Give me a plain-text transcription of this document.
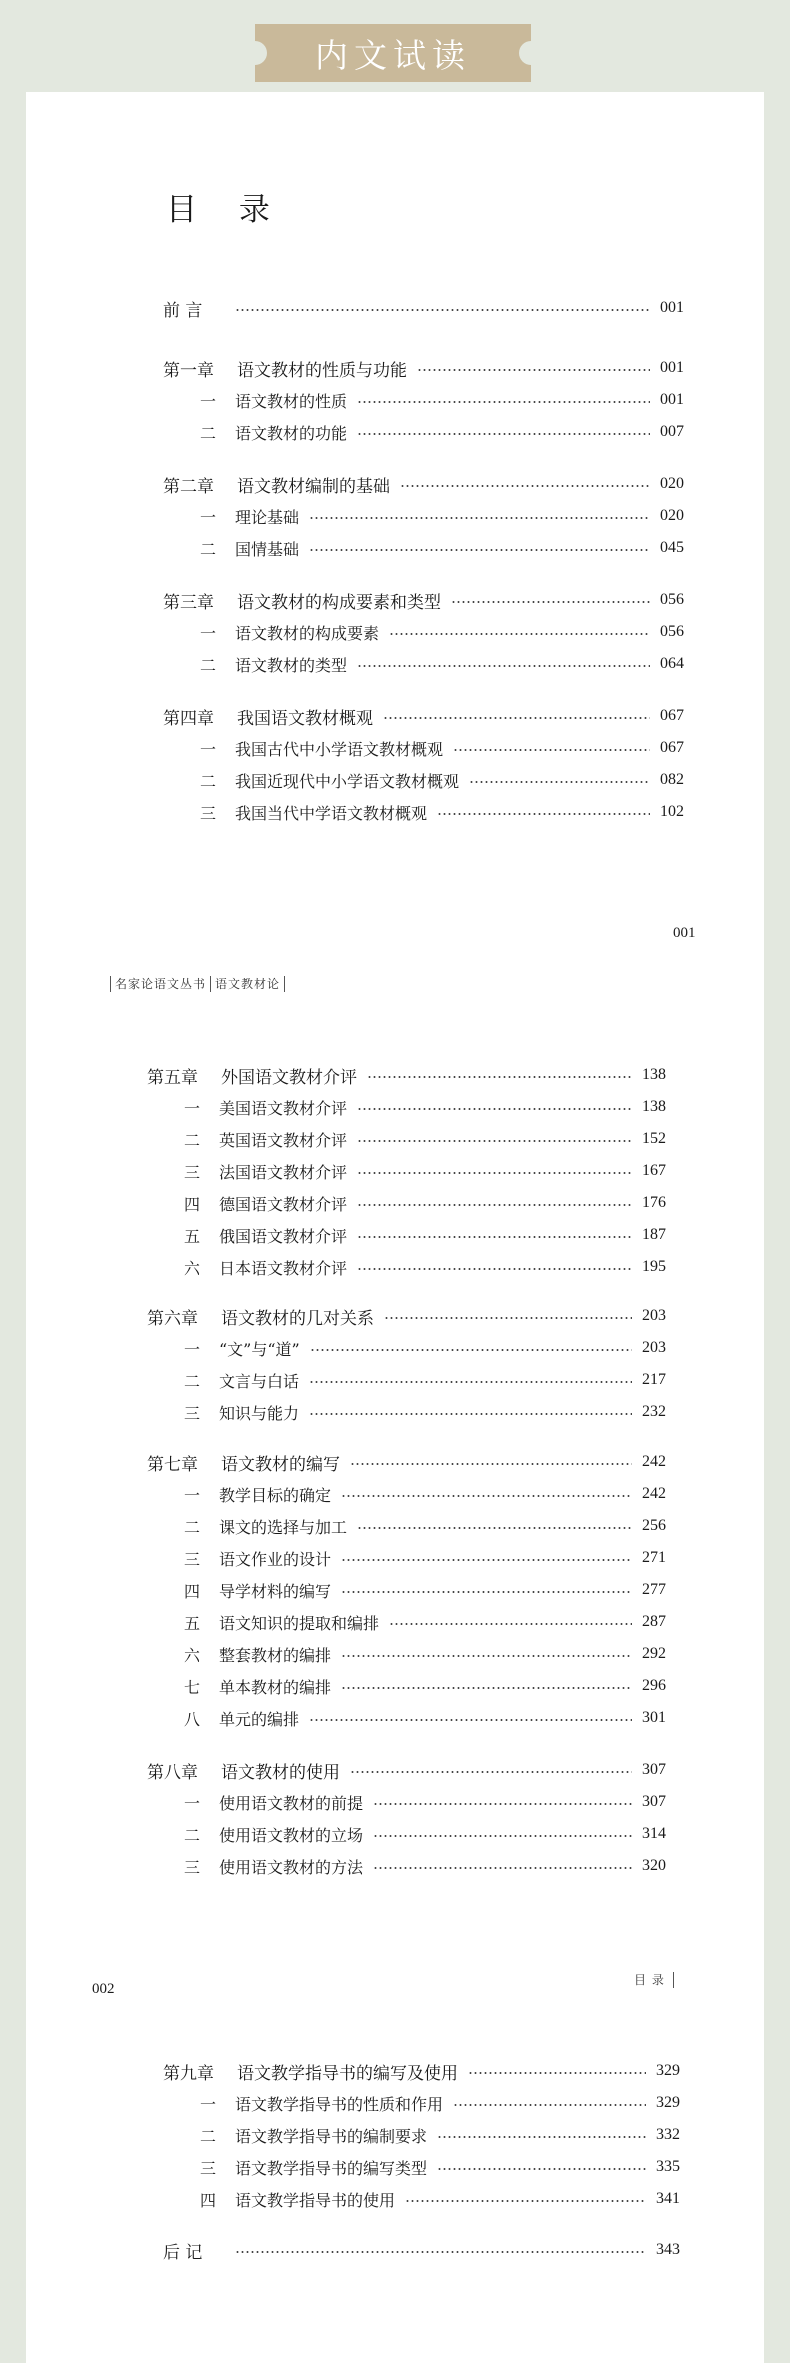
内文试读
目 录
前 言	001
第一章	语文教材的性质与功能	001
一	语文教材的性质	001
二	语文教材的功能	007
第二章	语文教材编制的基础	020
一	理论基础	020
二	国情基础	045
第三章	语文教材的构成要素和类型	056
一	语文教材的构成要素	056
二	语文教材的类型	064
第四章	我国语文教材概观	067
一	我国古代中小学语文教材概观	067
二	我国近现代中小学语文教材概观	082
三	我国当代中学语文教材概观	102
第五章	外国语文教材介评	138
一	美国语文教材介评	138
二	英国语文教材介评	152
三	法国语文教材介评	167
四	德国语文教材介评	176
五	俄国语文教材介评	187
六	日本语文教材介评	195
第六章	语文教材的几对关系	203
一	“文”与“道”	203
二	文言与白话	217
三	知识与能力	232
第七章	语文教材的编写	242
一	教学目标的确定	242
二	课文的选择与加工	256
三	语文作业的设计	271
四	导学材料的编写	277
五	语文知识的提取和编排	287
六	整套教材的编排	292
七	单本教材的编排	296
八	单元的编排	301
第八章	语文教材的使用	307
一	使用语文教材的前提	307
二	使用语文教材的立场	314
三	使用语文教材的方法	320
第九章	语文教学指导书的编写及使用	329
一	语文教学指导书的性质和作用	329
二	语文教学指导书的编制要求	332
三	语文教学指导书的编写类型	335
四	语文教学指导书的使用	341
后 记	343
001
名家论语文丛书 语文教材论
002
目 录
